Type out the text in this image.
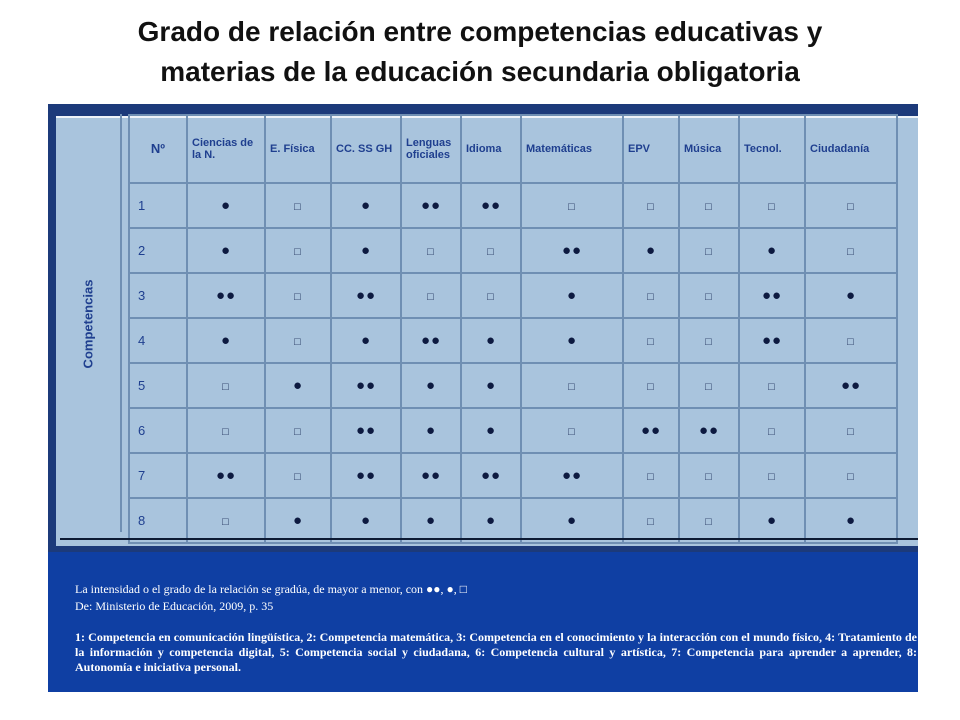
Grado de relación entre competencias educativas y
materias de la educación secundaria obligatoria
Competencias
Nº	Ciencias de la N.	E. Física	CC. SS GH	Lenguas oficiales	Idioma	Matemáticas	EPV	Música	Tecnol.	Ciudadanía
1	●	□	●	●●	●●	□	□	□	□	□
2	●	□	●	□	□	●●	●	□	●	□
3	●●	□	●●	□	□	●	□	□	●●	●
4	●	□	●	●●	●	●	□	□	●●	□
5	□	●	●●	●	●	□	□	□	□	●●
6	□	□	●●	●	●	□	●●	●●	□	□
7	●●	□	●●	●●	●●	●●	□	□	□	□
8	□	●	●	●	●	●	□	□	●	●

La intensidad o el grado de la relación se gradúa, de mayor a menor, con ●●, ●, □

De: Ministerio de Educación, 2009, p. 35

1: Competencia en comunicación lingüística, 2: Competencia matemática, 3: Competencia en el conocimiento y la interacción con el mundo físico, 4: Tratamiento de la información y competencia digital, 5: Competencia social y ciudadana, 6: Competencia cultural y artística, 7: Competencia para aprender a aprender, 8: Autonomía e iniciativa personal.
